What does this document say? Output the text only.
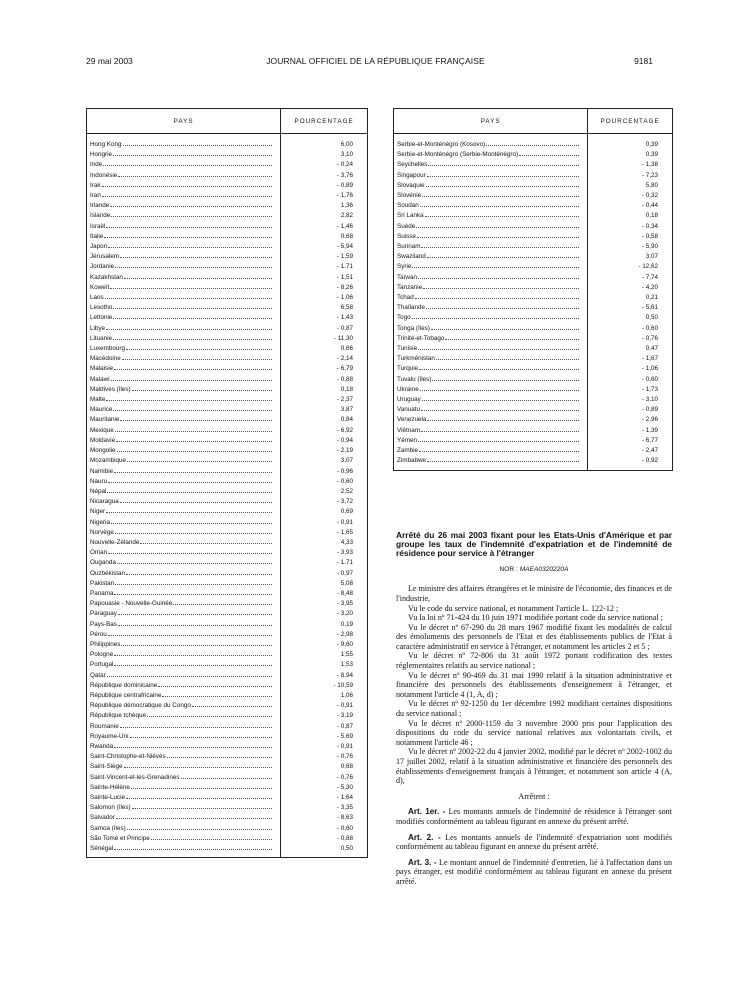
29 mai 2003	JOURNAL OFFICIEL DE LA RÉPUBLIQUE FRANÇAISE	9181
PAYS	POURCENTAGE

Hong Kong	6,00

Hongrie	3,10

Inde	- 0,24

Indonésie	- 3,76

Irak	- 0,89

Iran	- 1,76

Irlande	1,36

Islande	2,82

Israël	- 1,46

Italie	0,68

Japon	- 5,94

Jérusalem	- 1,59

Jordanie	- 1,71

Kazakhstan	- 1,51

Koweït	- 8,26

Laos	- 1,06

Lesotho	6,58

Lettonie	- 1,43

Libye	- 0,87

Lituanie	- 11,30

Luxembourg	0,66

Macédoine	- 2,14

Malaisie	- 6,79

Malawi	- 0,88

Maldives (îles)	0,18

Malte	- 2,37

Maurice	3,87

Mauritanie	0,84

Mexique	- 6,92

Moldavie	- 0,94

Mongolie	- 2,19

Mozambique	3,07

Namibie	- 0,96

Nauru	- 0,60

Népal	2,52

Nicaragua	- 3,72

Niger	0,69

Nigeria	- 0,91

Norvège	- 1,65

Nouvelle-Zélande	4,33

Oman	- 3,93

Ouganda	- 1,71

Ouzbékistan	- 0,97

Pakistan	5,08

Panama	- 8,48

Papouasie - Nouvelle-Guinée	- 3,95

Paraguay	- 3,20

Pays-Bas	0,19

Pérou	- 2,98

Philippines	- 9,60

Pologne	1,55

Portugal	1,53

Qatar	- 8,94

République dominicaine	- 10,59

République centrafricaine	1,06

République démocratique du Congo	- 0,91

République tchèque	- 3,19

Roumanie	- 0,87

Royaume-Uni	- 5,69

Rwanda	- 0,91

Saint-Christophe-et-Niévès	- 0,76

Saint-Siège	0,68

Saint-Vincent-et-les-Grenadines	- 0,76

Sainte-Hélène	- 5,30

Sainte-Lucie	- 1,64

Salomon (îles)	- 3,35

Salvador	- 8,63

Samoa (îles)	- 0,60

São Tomé et Principe	- 0,88

Sénégal	0,50
PAYS	POURCENTAGE

Serbie-et-Monténégro (Kosovo)	0,39

Serbie-et-Monténégro (Serbie-Monténégro)	0,39

Seychelles	- 1,38

Singapour	- 7,23

Slovaquie	5,80

Slovénie	- 0,32

Soudan	- 0,44

Sri Lanka	0,18

Suède	- 0,34

Suisse	- 0,58

Surinam	- 5,90

Swaziland	3,07

Syrie	- 12,62

Taïwan	- 7,74

Tanzanie	- 4,20

Tchad	0,21

Thaïlande	- 5,61

Togo	0,50

Tonga (îles)	- 0,60

Trinité-et-Tobago	- 0,76

Tunisie	0,47

Turkménistan	- 1,67

Turquie	- 1,06

Tuvalu (îles)	- 0,60

Ukraine	- 1,73

Uruguay	- 3,10

Vanuatu	- 0,89

Venezuela	- 2,96

Viêtnam	- 1,39

Yémen	- 6,77

Zambie	- 2,47

Zimbabwe	- 0,92
Arrêté du 26 mai 2003 fixant pour les Etats-Unis d'Amérique et par groupe les taux de l'indemnité d'expatriation et de l'indemnité de résidence pour service à l'étranger
NOR : MAEA0320220A

Le ministre des affaires étrangères et le ministre de l'économie, des finances et de l'industrie,

Vu le code du service national, et notamment l'article L. 122-12 ;

Vu la loi nº 71-424 du 10 juin 1971 modifiée portant code du service national ;

Vu le décret nº 67-290 du 28 mars 1967 modifié fixant les modalités de calcul des émoluments des personnels de l'Etat et des établissements publics de l'Etat à caractère administratif en service à l'étranger, et notamment les articles 2 et 5 ;

Vu le décret nº 72-806 du 31 août 1972 portant codification des textes réglementaires relatifs au service national ;

Vu le décret nº 90-469 du 31 mai 1990 relatif à la situation administrative et financière des personnels des établissements d'enseignement à l'étranger, et notamment l'article 4 (1, A, d) ;

Vu le décret nº 92-1250 du 1er décembre 1992 modifiant certaines dispositions du service national ;

Vu le décret nº 2000-1159 du 3 novembre 2000 pris pour l'application des dispositions du code du service national relatives aux volontariats civils, et notamment l'article 46 ;

Vu le décret nº 2002-22 du 4 janvier 2002, modifié par le décret nº 2002-1002 du 17 juillet 2002, relatif à la situation administrative et financière des personnels des établissements d'enseignement français à l'étranger, et notamment son article 4 (A, d),

Arrêtent :

Art. 1er. - Les montants annuels de l'indemnité de résidence à l'étranger sont modifiés conformément au tableau figurant en annexe du présent arrêté.

Art. 2. - Les montants annuels de l'indemnité d'expatriation sont modifiés conformément au tableau figurant en annexe du présent arrêté.

Art. 3. - Le montant annuel de l'indemnité d'entretien, lié à l'affectation dans un pays étranger, est modifié conformément au tableau figurant en annexe du présent arrêté.
